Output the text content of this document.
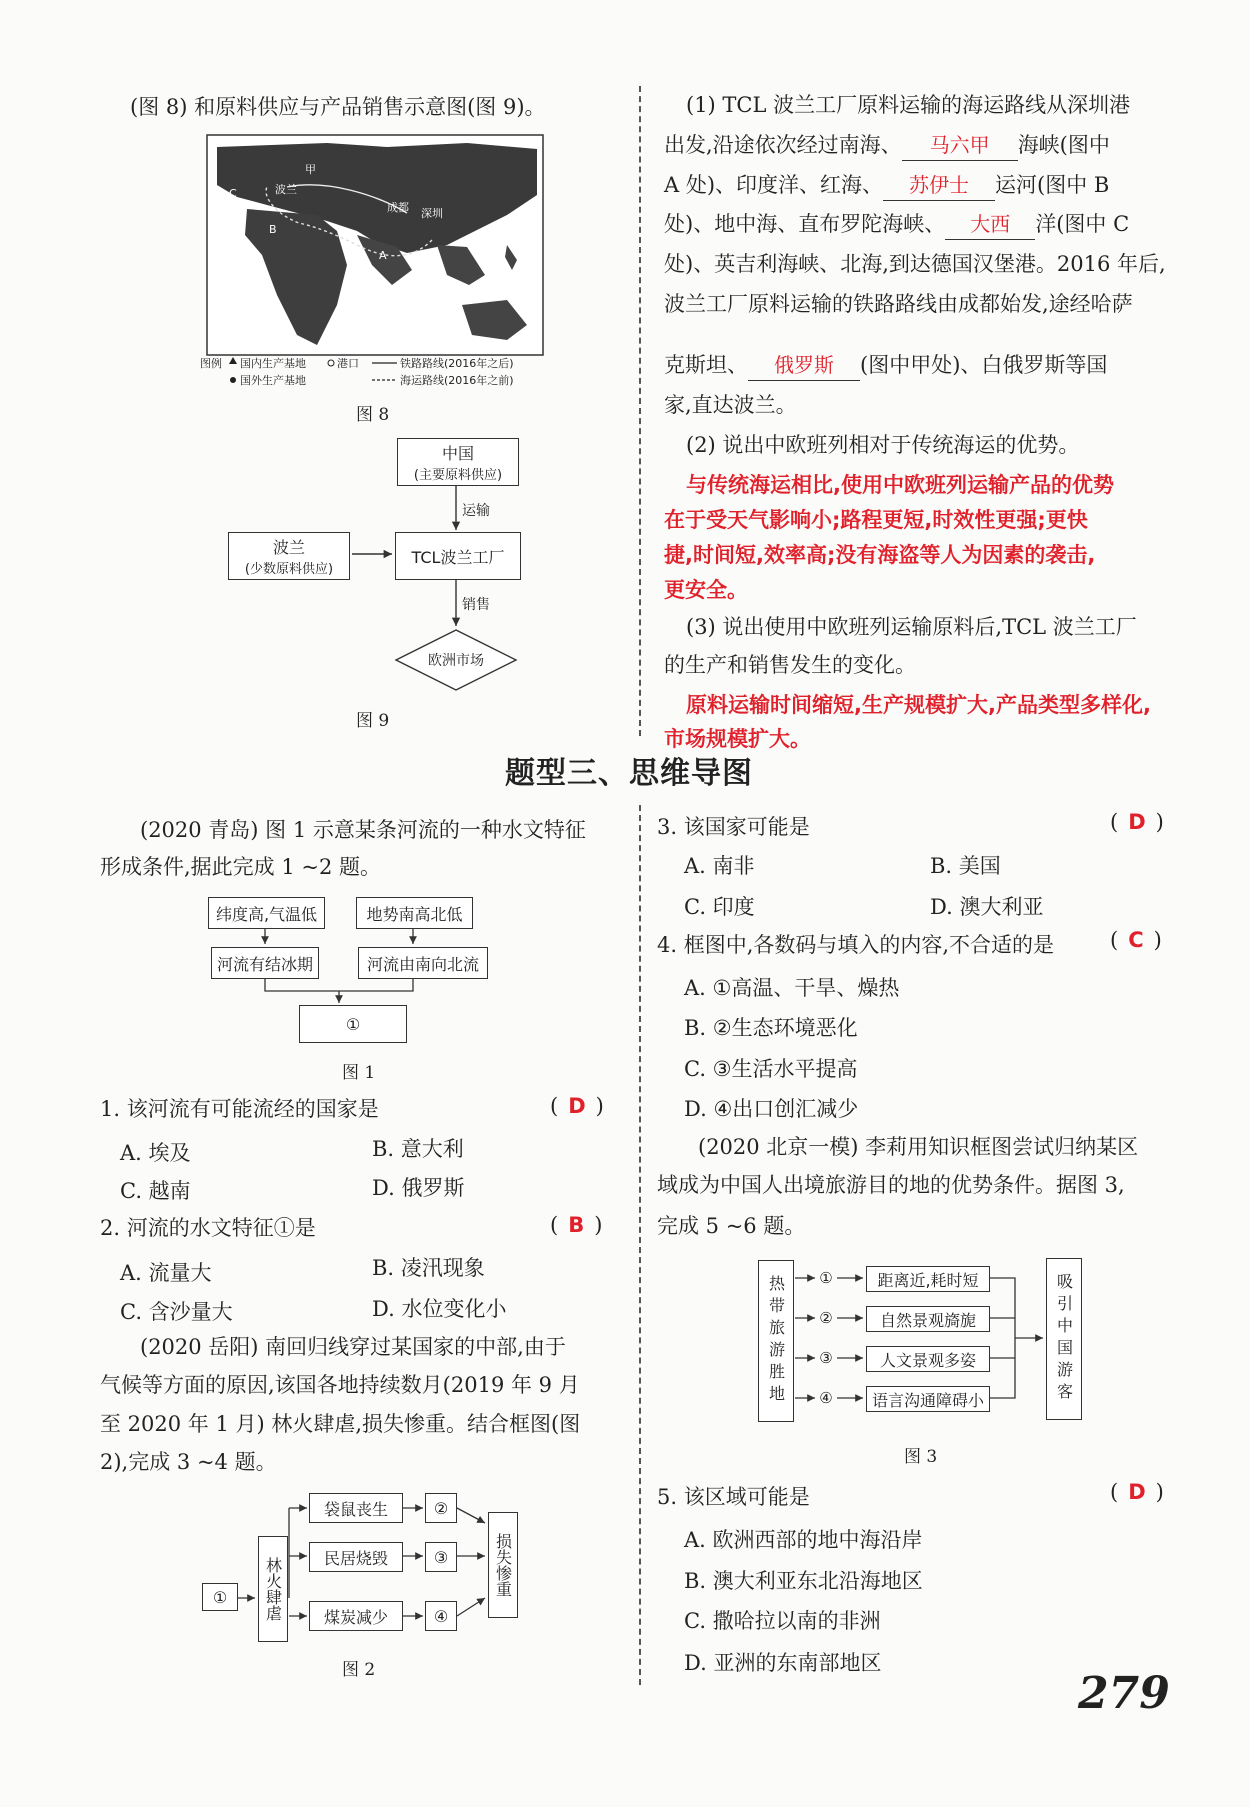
(图 8) 和原料供应与产品销售示意图(图 9)。
甲
波兰
C
B
成都 深圳
A
图例 国内生产基地	港口	铁路路线(2016年之后)
国外生产基地	海运路线(2016年之前)
图 8
运输
销售
欧洲市场
中国
(主要原料供应)
波兰
(少数原料供应)
TCL波兰工厂
图 9
(1) TCL 波兰工厂原料运输的海运路线从深圳港
出发,沿途依次经过南海、 马六甲 海峡(图中
A 处)、印度洋、红海、 苏伊士 运河(图中 B
处)、地中海、直布罗陀海峡、 大西 洋(图中 C
处)、英吉利海峡、北海,到达德国汉堡港。2016 年后,
波兰工厂原料运输的铁路路线由成都始发,途经哈萨
克斯坦、 俄罗斯 (图中甲处)、白俄罗斯等国
家,直达波兰。
(2) 说出中欧班列相对于传统海运的优势。
与传统海运相比,使用中欧班列运输产品的优势
在于受天气影响小;路程更短,时效性更强;更快
捷,时间短,效率高;没有海盗等人为因素的袭击,
更安全。
(3) 说出使用中欧班列运输原料后,TCL 波兰工厂
的生产和销售发生的变化。
原料运输时间缩短,生产规模扩大,产品类型多样化,
市场规模扩大。
题型三、思维导图
(2020 青岛) 图 1 示意某条河流的一种水文特征
形成条件,据此完成 1 ~2 题。
纬度高,气温低	地势南高北低
河流有结冰期	河流由南向北流
①
图 1
1. 该河流有可能流经的国家是	( D )
A. 埃及	B. 意大利
C. 越南	D. 俄罗斯
2. 河流的水文特征①是	( B )
A. 流量大	B. 凌汛现象
C. 含沙量大	D. 水位变化小
(2020 岳阳) 南回归线穿过某国家的中部,由于
气候等方面的原因,该国各地持续数月(2019 年 9 月
至 2020 年 1 月) 林火肆虐,损失惨重。结合框图(图
2),完成 3 ~4 题。
① 林火肆虐
袋鼠丧生
民居烧毁
煤炭减少
②
③
④
损失惨重
图 2
3. 该国家可能是	( D )
A. 南非	B. 美国
C. 印度	D. 澳大利亚
4. 框图中,各数码与填入的内容,不合适的是	( C )
A. ①高温、干旱、燥热
B. ②生态环境恶化
C. ③生活水平提高
D. ④出口创汇减少
(2020 北京一模) 李莉用知识框图尝试归纳某区
域成为中国人出境旅游目的地的优势条件。据图 3,
完成 5 ~6 题。
①
②
③
④
热带旅游胜地	距离近,耗时短
自然景观旖旎
人文景观多姿
语言沟通障碍小	吸引中国游客
图 3
5. 该区域可能是	( D )
A. 欧洲西部的地中海沿岸
B. 澳大利亚东北沿海地区
C. 撒哈拉以南的非洲
D. 亚洲的东南部地区
279
